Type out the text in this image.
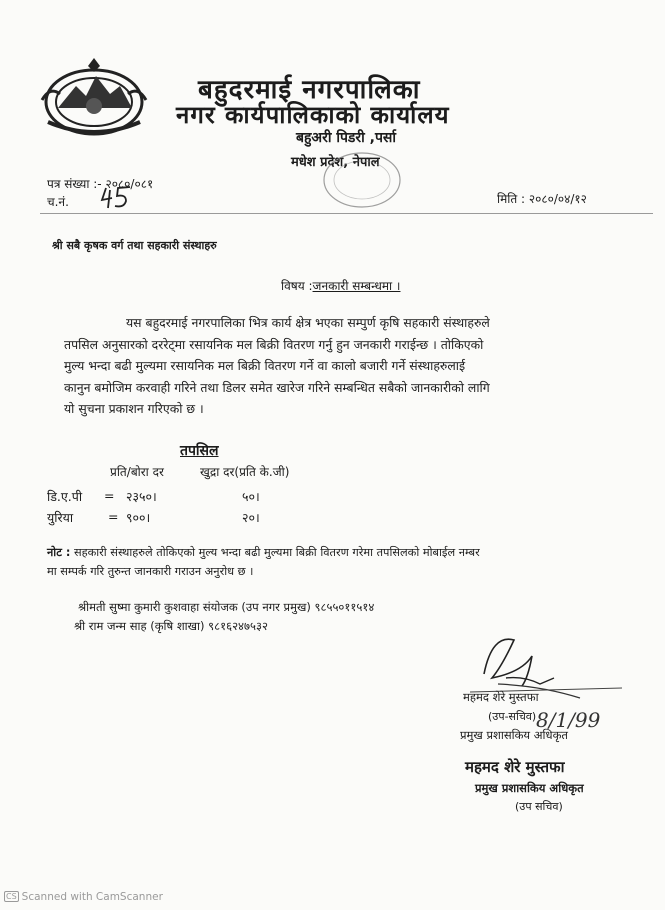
बहुदरमाई नगरपालिका
नगर कार्यपालिकाको कार्यालय
बहुअरी पिडरी ,पर्सा
मधेश प्रदेश, नेपाल
पत्र संख्या :- २०८०/०८१
च.नं.	मिति : २०८०/०४/१२
श्री सबै कृषक वर्ग तथा सहकारी संस्थाहरु
विषय :जनकारी सम्बन्धमा ।
यस बहुदरमाई नगरपालिका भित्र कार्य क्षेत्र भएका सम्पुर्ण कृषि सहकारी संस्थाहरुले
तपसिल अनुसारको दररेट्मा रसायनिक मल बिक्री वितरण गर्नु हुन जनकारी गराईन्छ । तोकिएको
मुल्य भन्दा बढी मुल्यमा रसायनिक मल बिक्री वितरण गर्ने वा कालो बजारी गर्ने संस्थाहरुलाई
कानुन बमोजिम करवाही गरिने तथा डिलर समेत खारेज गरिने सम्बन्धित सबैको जानकारीको लागि
यो सुचना प्रकाशन गरिएको छ ।
तपसिल
प्रति/बोरा दर	खुद्रा दर(प्रति के.जी)
डि.ए.पी = २३५०।	५०।
युरिया	= ९००।	२०।
नोट : सहकारी संस्थाहरुले तोकिएको मुल्य भन्दा बढी मुल्यमा बिक्री वितरण गरेमा तपसिलको मोबाईल नम्बर
मा सम्पर्क गरि तुरुन्त जानकारी गराउन अनुरोध छ ।
श्रीमती सुष्मा कुमारी कुशवाहा संयोजक (उप नगर प्रमुख) ९८५५०११५१४
श्री राम जन्म साह (कृषि शाखा) ९८१६२४७५३२
महमद शेरे मुस्तफा
(उप-सचिव) 8/1/99
प्रमुख प्रशासकिय अधिकृत
महमद शेरे मुस्तफा
प्रमुख प्रशासकिय अधिकृत
(उप सचिव)
CS Scanned with CamScanner
